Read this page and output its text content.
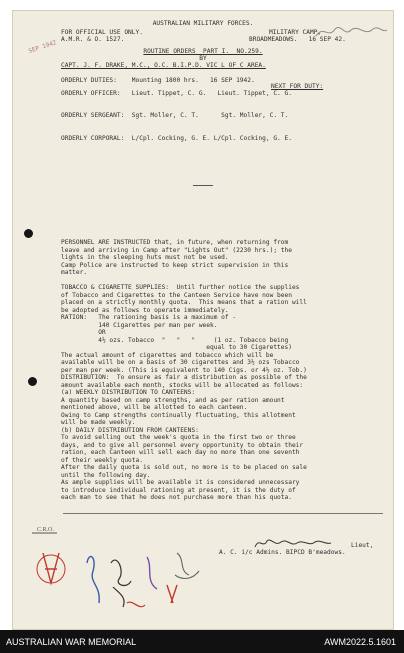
SEP 1942
AUSTRALIAN MILITARY FORCES.
FOR OFFICIAL USE ONLY.	MILITARY CAMP,
A.M.R. & O. 1527.	BROADMEADOWS.   16 SEP 42.
ROUTINE ORDERS  PART I.  NO.259.
BY
CAPT. J. F. DRAKE, M.C., O.C. B.I.P.D. VIC L OF C AREA.
ORDERLY DUTIES:    Mounting 1800 hrs.   16 SEP 1942.
NEXT FOR DUTY:
ORDERLY OFFICER:   Lieut. Tippet, C. G.   Lieut. Tippet, C. G.
ORDERLY SERGEANT:  Sgt. Moller, C. T.      Sgt. Moller, C. T.
ORDERLY CORPORAL:  L/Cpl. Cocking, G. E. L/Cpl. Cocking, G. E.
PERSONNEL ARE INSTRUCTED that, in future, when returning from
leave and arriving in Camp after "Lights Out" (2230 hrs.); the
lights in the sleeping huts must not be used.
Camp Police are instructed to keep strict supervision in this
matter.
TOBACCO & CIGARETTE SUPPLIES:  Until further notice the supplies
of Tobacco and Cigarettes to the Canteen Service have now been
placed on a strictly monthly quota.  This means that a ration will
be adopted as follows to operate immediately.
RATION:   The rationing basis is a maximum of -
140 Cigarettes per man per week.
OR
4½ ozs. Tobacco  "   "   "     (1 oz. Tobacco being
equal to 30 Cigarettes)
The actual amount of cigarettes and tobacco which will be
available will be on a basis of 30 cigarettes and 3½ ozs Tobacco
per man per week. (This is equivalent to 140 Cigs. or 4½ oz. Tob.)
DISTRIBUTION:  To ensure as fair a distribution as possible of the
amount available each month, stocks will be allocated as follows:
(a) WEEKLY DISTRIBUTION TO CANTEENS:
A quantity based on camp strengths, and as per ration amount
mentioned above, will be allotted to each canteen.
Owing to Camp strengths continually fluctuating, this allotment
will be made weekly.
(b) DAILY DISTRIBUTION FROM CANTEENS:
To avoid selling out the week's quota in the first two or three
days, and to give all personnel every opportunity to obtain their
ration, each Canteen will sell each day no more than one seventh
of their weekly quota.
After the daily quota is sold out, no more is to be placed on sale
until the following day.
As ample supplies will be available it is considered unnecessary
to introduce individual rationing at present, it is the duty of
each man to see that he does not purchase more than his quota.
Lieut,
A. C. i/c Admins. BIPCD B'meadows.
C.R.O.
AUSTRALIAN WAR MEMORIAL	AWM2022.5.1601
